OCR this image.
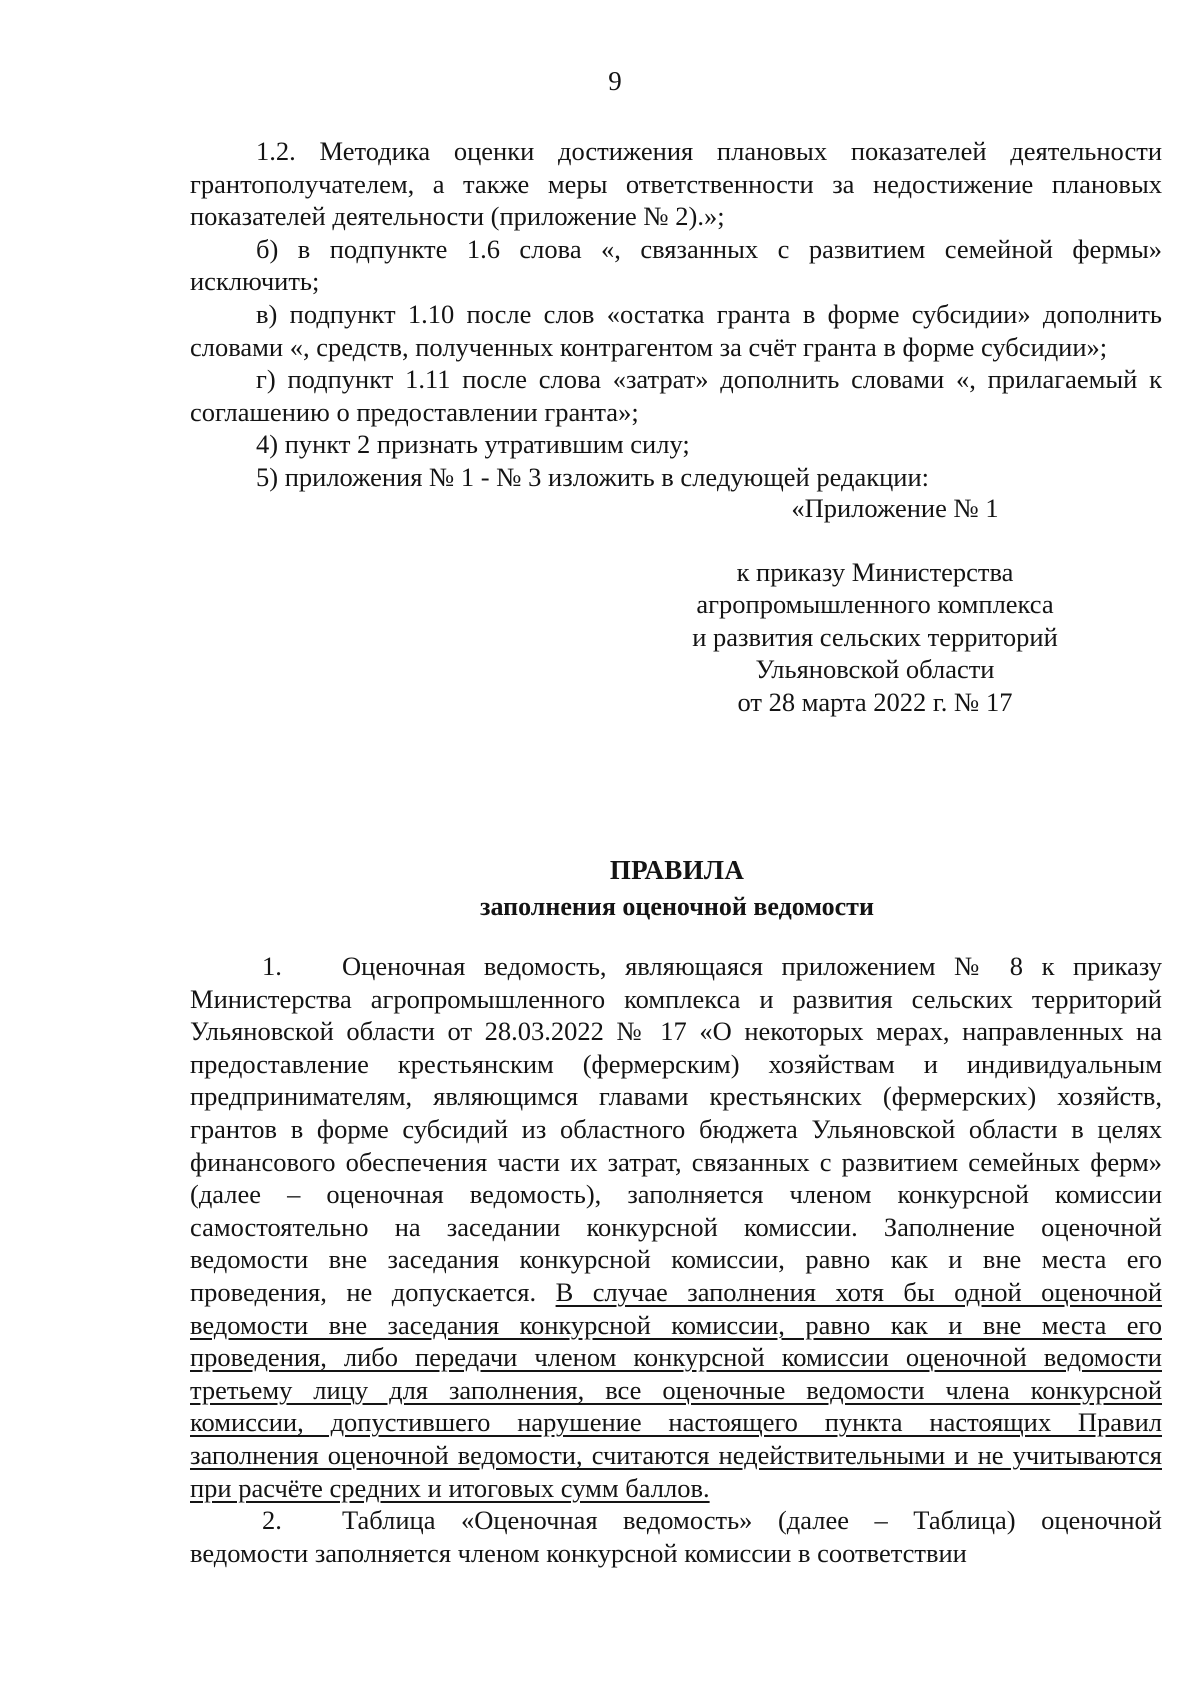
9

1.2. Методика оценки достижения плановых показателей деятельности грантополучателем, а также меры ответственности за недостижение плановых показателей деятельности (приложение № 2).»;

б) в подпункте 1.6 слова «, связанных с развитием семейной фермы» исключить;

в) подпункт 1.10 после слов «остатка гранта в форме субсидии» дополнить словами «, средств, полученных контрагентом за счёт гранта в форме субсидии»;

г) подпункт 1.11 после слова «затрат» дополнить словами «, прилагаемый к соглашению о предоставлении гранта»;

4) пункт 2 признать утратившим силу;

5) приложения № 1 - № 3 изложить в следующей редакции:

«Приложение № 1
к приказу Министерства
агропромышленного комплекса
и развития сельских территорий
Ульяновской области
от 28 марта 2022 г. № 17
ПРАВИЛА
заполнения оценочной ведомости

1. Оценочная ведомость, являющаяся приложением № 8 к приказу Министерства агропромышленного комплекса и развития сельских территорий Ульяновской области от 28.03.2022 № 17 «О некоторых мерах, направленных на предоставление крестьянским (фермерским) хозяйствам и индивидуальным предпринимателям, являющимся главами крестьянских (фермерских) хозяйств, грантов в форме субсидий из областного бюджета Ульяновской области в целях финансового обеспечения части их затрат, связанных с развитием семейных ферм» (далее – оценочная ведомость), заполняется членом конкурсной комиссии самостоятельно на заседании конкурсной комиссии. Заполнение оценочной ведомости вне заседания конкурсной комиссии, равно как и вне места его проведения, не допускается. В случае заполнения хотя бы одной оценочной ведомости вне заседания конкурсной комиссии, равно как и вне места его проведения, либо передачи членом конкурсной комиссии оценочной ведомости третьему лицу для заполнения, все оценочные ведомости члена конкурсной комиссии, допустившего нарушение настоящего пункта настоящих Правил заполнения оценочной ведомости, считаются недействительными и не учитываются при расчёте средних и итоговых сумм баллов.

2. Таблица «Оценочная ведомость» (далее – Таблица) оценочной ведомости заполняется членом конкурсной комиссии в соответствии
